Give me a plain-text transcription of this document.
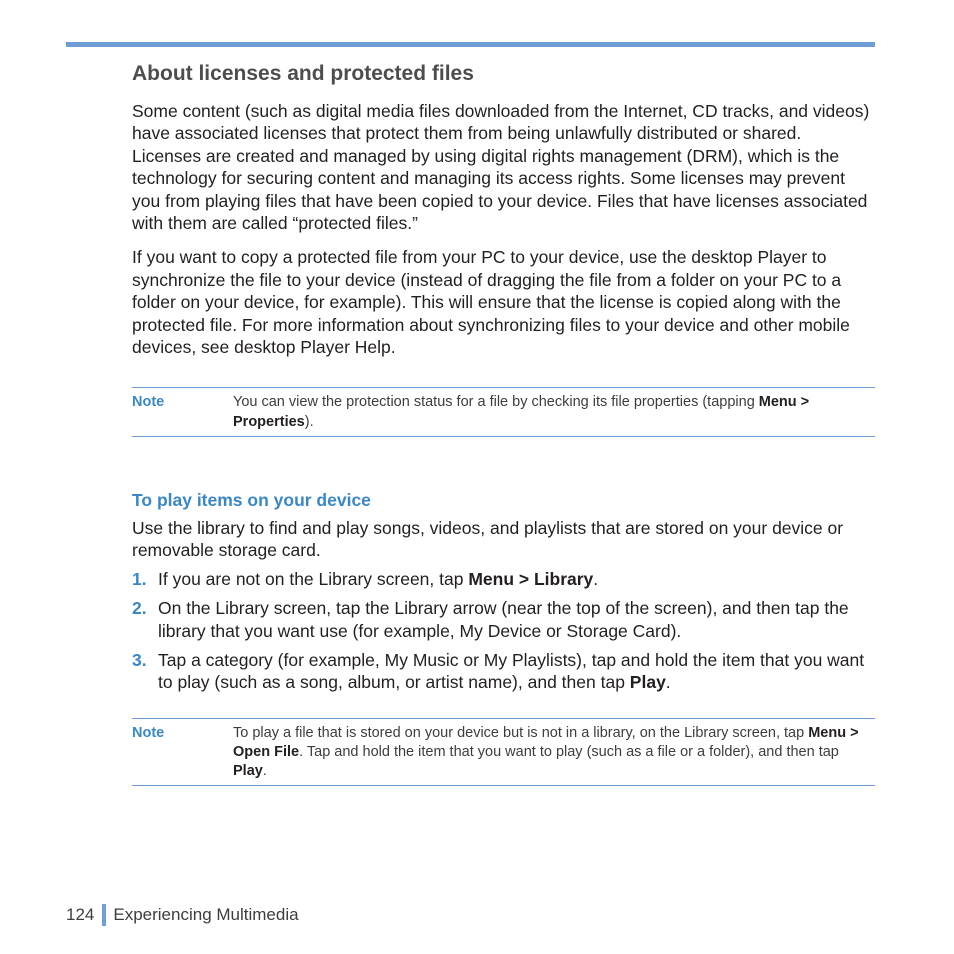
About licenses and protected files

Some content (such as digital media files downloaded from the Internet, CD tracks, and videos) have associated licenses that protect them from being unlawfully distributed or shared. Licenses are created and managed by using digital rights management (DRM), which is the technology for securing content and managing its access rights. Some licenses may prevent you from playing files that have been copied to your device. Files that have licenses associated with them are called “protected files.”

If you want to copy a protected file from your PC to your device, use the desktop Player to synchronize the file to your device (instead of dragging the file from a folder on your PC to a folder on your device, for example). This will ensure that the license is copied along with the protected file. For more information about synchronizing files to your device and other mobile devices, see desktop Player Help.

Note	You can view the protection status for a file by checking its file properties (tapping Menu > Properties).
To play items on your device

Use the library to find and play songs, videos, and playlists that are stored on your device or removable storage card.

1. If you are not on the Library screen, tap Menu > Library.
2. On the Library screen, tap the Library arrow (near the top of the screen), and then tap the library that you want use (for example, My Device or Storage Card).
3. Tap a category (for example, My Music or My Playlists), tap and hold the item that you want to play (such as a song, album, or artist name), and then tap Play.
Note	To play a file that is stored on your device but is not in a library, on the Library screen, tap Menu > Open File. Tap and hold the item that you want to play (such as a file or a folder), and then tap Play.
124 Experiencing Multimedia
